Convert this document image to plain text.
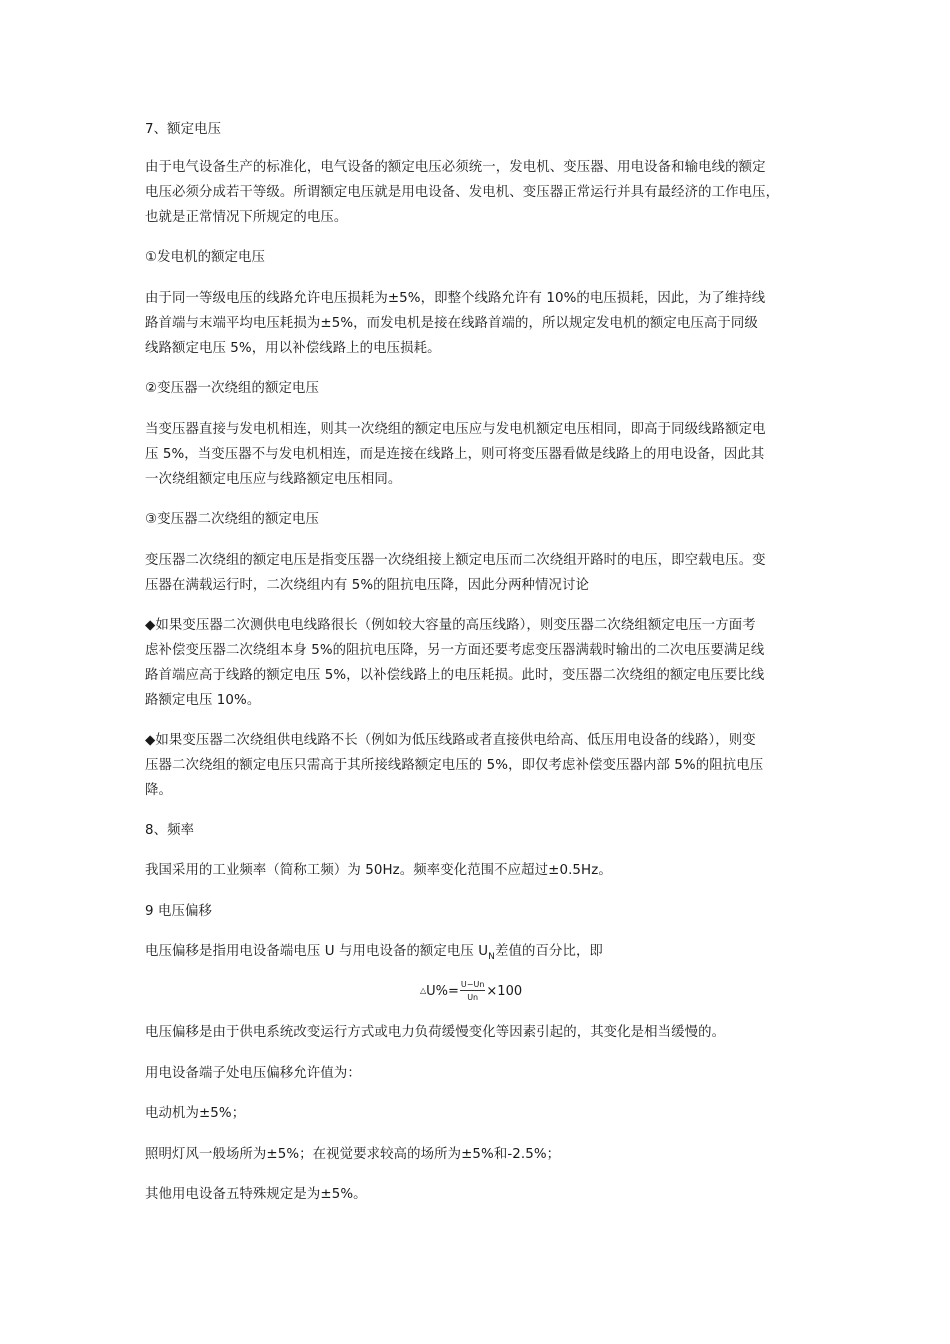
7、额定电压

由于电气设备生产的标准化，电气设备的额定电压必须统一，发电机、变压器、用电设备和输电线的额定

电压必须分成若干等级。所谓额定电压就是用电设备、发电机、变压器正常运行并具有最经济的工作电压，

也就是正常情况下所规定的电压。

①发电机的额定电压

由于同一等级电压的线路允许电压损耗为±5%，即整个线路允许有 10%的电压损耗，因此，为了维持线

路首端与末端平均电压耗损为±5%，而发电机是接在线路首端的，所以规定发电机的额定电压高于同级

线路额定电压 5%，用以补偿线路上的电压损耗。

②变压器一次绕组的额定电压

当变压器直接与发电机相连，则其一次绕组的额定电压应与发电机额定电压相同，即高于同级线路额定电

压 5%，当变压器不与发电机相连，而是连接在线路上，则可将变压器看做是线路上的用电设备，因此其

一次绕组额定电压应与线路额定电压相同。

③变压器二次绕组的额定电压

变压器二次绕组的额定电压是指变压器一次绕组接上额定电压而二次绕组开路时的电压，即空载电压。变

压器在满载运行时，二次绕组内有 5%的阻抗电压降，因此分两种情况讨论

◆如果变压器二次测供电电线路很长（例如较大容量的高压线路），则变压器二次绕组额定电压一方面考

虑补偿变压器二次绕组本身 5%的阻抗电压降，另一方面还要考虑变压器满载时输出的二次电压要满足线

路首端应高于线路的额定电压 5%，以补偿线路上的电压耗损。此时，变压器二次绕组的额定电压要比线

路额定电压 10%。

◆如果变压器二次绕组供电线路不长（例如为低压线路或者直接供电给高、低压用电设备的线路），则变

压器二次绕组的额定电压只需高于其所接线路额定电压的 5%，即仅考虑补偿变压器内部 5%的阻抗电压

降。

8、频率

我国采用的工业频率（简称工频）为 50Hz。频率变化范围不应超过±0.5Hz。

9 电压偏移

电压偏移是指用电设备端电压 U 与用电设备的额定电压 $U_N$差值的百分比，即

△U%= $\frac{U-Un}{Un} \times 100$

电压偏移是由于供电系统改变运行方式或电力负荷缓慢变化等因素引起的，其变化是相当缓慢的。

用电设备端子处电压偏移允许值为：

电动机为±5%；

照明灯风一般场所为±5%；在视觉要求较高的场所为±5%和-2.5%；

其他用电设备五特殊规定是为±5%。
